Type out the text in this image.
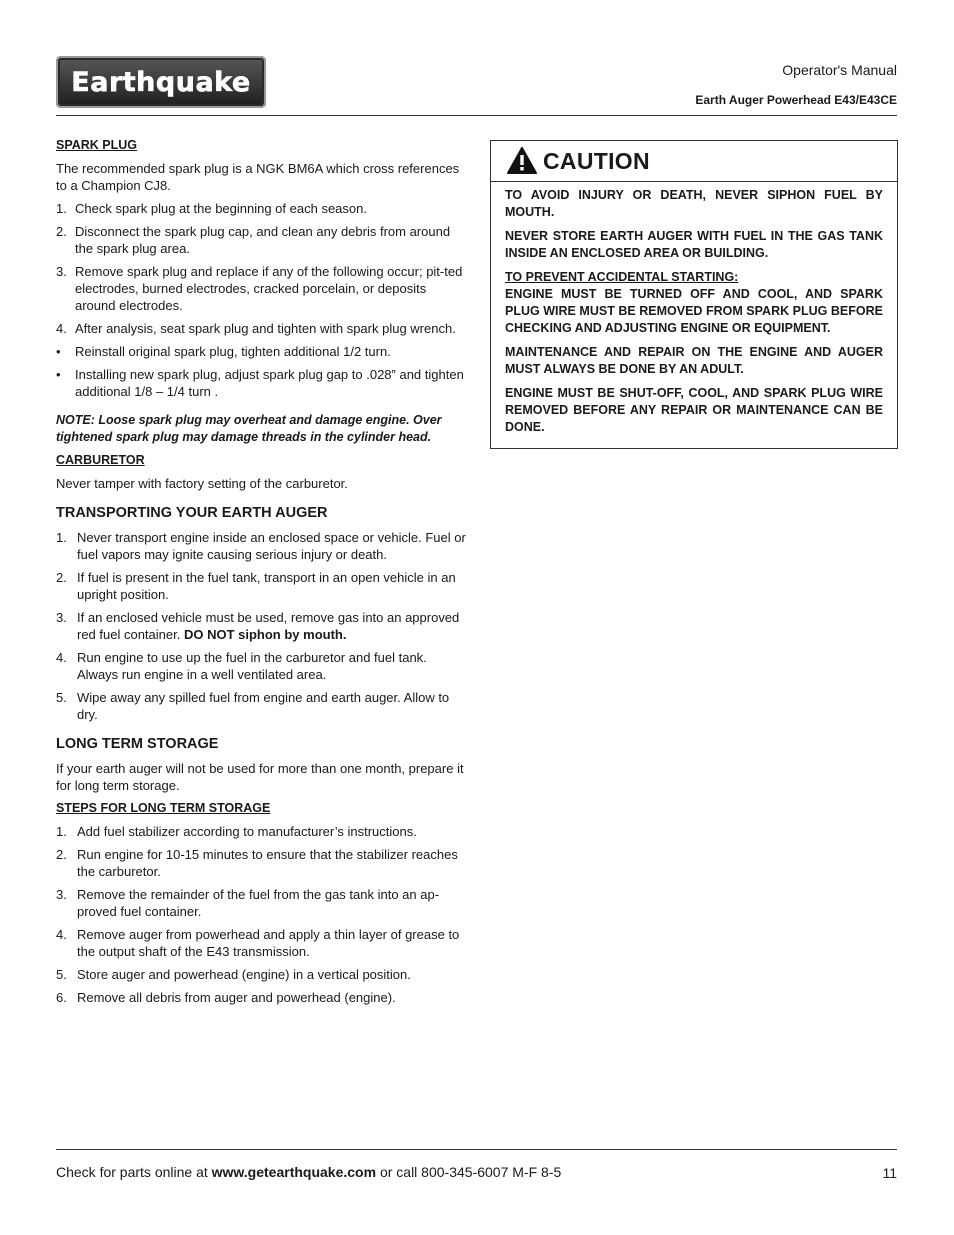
Earthquake	Operator's Manual
Earth Auger Powerhead E43/E43CE
SPARK PLUG

The recommended spark plug is a NGK BM6A which cross references to a Champion CJ8.

1. Check spark plug at the beginning of each season.
2. Disconnect the spark plug cap, and clean any debris from around the spark plug area.
3. Remove spark plug and replace if any of the following occur; pit-ted electrodes, burned electrodes, cracked porcelain, or deposits around electrodes.
4. After analysis, seat spark plug and tighten with spark plug wrench.
• Reinstall original spark plug, tighten additional 1/2 turn.
• Installing new spark plug, adjust spark plug gap to .028” and tighten additional 1/8 – 1/4 turn .

NOTE: Loose spark plug may overheat and damage engine. Over tightened spark plug may damage threads in the cylinder head.

CARBURETOR

Never tamper with factory setting of the carburetor.

TRANSPORTING YOUR EARTH AUGER
1. Never transport engine inside an enclosed space or vehicle. Fuel or fuel vapors may ignite causing serious injury or death.
2. If fuel is present in the fuel tank, transport in an open vehicle in an upright position.
3. If an enclosed vehicle must be used, remove gas into an approved red fuel container. DO NOT siphon by mouth.
4. Run engine to use up the fuel in the carburetor and fuel tank. Always run engine in a well ventilated area.
5. Wipe away any spilled fuel from engine and earth auger. Allow to dry.
LONG TERM STORAGE

If your earth auger will not be used for more than one month, prepare it for long term storage.

STEPS FOR LONG TERM STORAGE
1. Add fuel stabilizer according to manufacturer’s instructions.
2. Run engine for 10-15 minutes to ensure that the stabilizer reaches the carburetor.
3. Remove the remainder of the fuel from the gas tank into an ap-proved fuel container.
4. Remove auger from powerhead and apply a thin layer of grease to the output shaft of the E43 transmission.
5. Store auger and powerhead (engine) in a vertical position.
6. Remove all debris from auger and powerhead (engine).
CAUTION

TO AVOID INJURY OR DEATH, NEVER SIPHON FUEL BY MOUTH.

NEVER STORE EARTH AUGER WITH FUEL IN THE GAS TANK INSIDE AN ENCLOSED AREA OR BUILDING.

TO PREVENT ACCIDENTAL STARTING:
ENGINE MUST BE TURNED OFF AND COOL, AND SPARK PLUG WIRE MUST BE REMOVED FROM SPARK PLUG BEFORE CHECKING AND ADJUSTING ENGINE OR EQUIPMENT.

MAINTENANCE AND REPAIR ON THE ENGINE AND AUGER MUST ALWAYS BE DONE BY AN ADULT.

ENGINE MUST BE SHUT-OFF, COOL, AND SPARK PLUG WIRE REMOVED BEFORE ANY REPAIR OR MAINTENANCE CAN BE DONE.

Check for parts online at www.getearthquake.com or call 800-345-6007 M-F 8-5	11
